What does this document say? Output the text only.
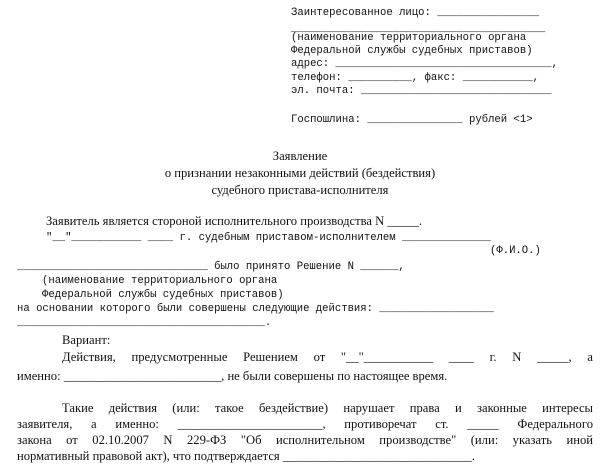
Заинтересованное лицо: ________________
________________________________________
(наименование территориального органа
Федеральной службы судебных приставов)
адрес: __________________________________,
телефон: __________, факс: ___________,
эл. почта: ______________________________
Госпошлина: _______________ рублей <1>
Заявление
о признании незаконными действий (бездействия)
судебного пристава-исполнителя
Заявитель является стороной исполнительного производства N _____.
"__"___________ ____ г. судебным приставом-исполнителем ______________
(Ф.И.О.)
______________________________ было принято Решение N ______,
(наименование территориального органа
Федеральной службы судебных приставов)
на основании которого были совершены следующие действия: __________________
_______________________________________.
Вариант:
Действия, предусмотренные Решением от "__"___________ ____ г. N _____, а
именно: _________________________, не были совершены по настоящее время.
Такие действия (или: такое бездействие) нарушает права и законные интересы
заявителя, а именно: _______________________, противоречат ст. _____ Федерального
закона от 02.10.2007 N 229-ФЗ "Об исполнительном производстве" (или: указать иной
нормативный правовой акт), что подтверждается ______________________________.
